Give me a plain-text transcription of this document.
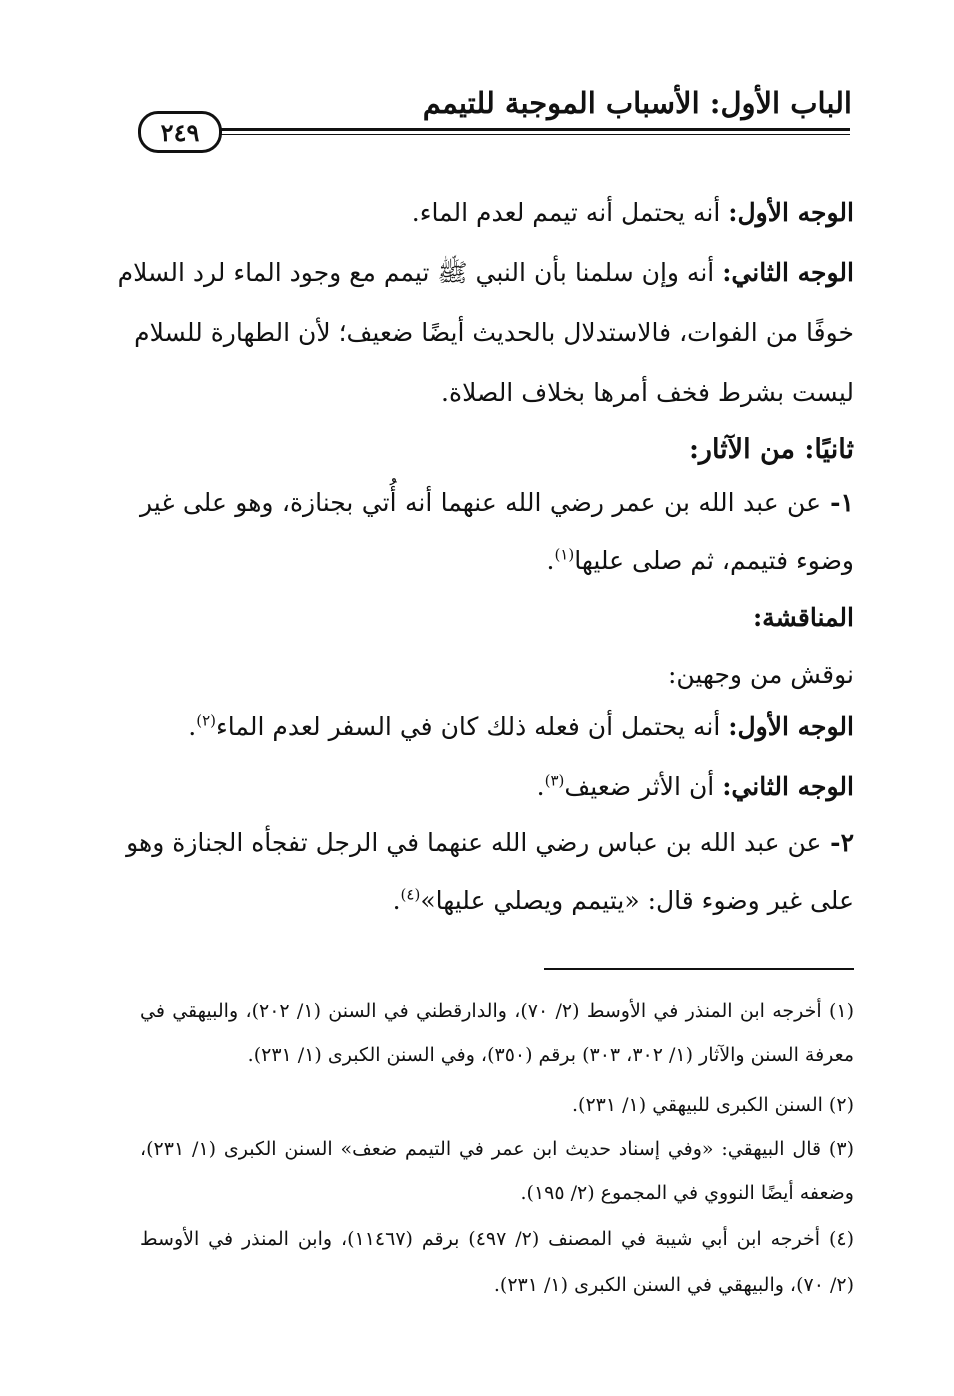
الباب الأول: الأسباب الموجبة للتيمم
٢٤٩
الوجه الأول: أنه يحتمل أنه تيمم لعدم الماء.
الوجه الثاني: أنه وإن سلمنا بأن النبي ﷺ تيمم مع وجود الماء لرد السلام
خوفًا من الفوات، فالاستدلال بالحديث أيضًا ضعيف؛ لأن الطهارة للسلام
ليست بشرط فخف أمرها بخلاف الصلاة.
ثانيًا: من الآثار:
١- عن عبد الله بن عمر رضي الله عنهما أنه أُتي بجنازة، وهو على غير
وضوء فتيمم، ثم صلى عليها$^{(١)}$.
المناقشة:
نوقش من وجهين:
الوجه الأول: أنه يحتمل أن فعله ذلك كان في السفر لعدم الماء$^{(٢)}$.
الوجه الثاني: أن الأثر ضعيف$^{(٣)}$.
٢- عن عبد الله بن عباس رضي الله عنهما في الرجل تفجأه الجنازة وهو
على غير وضوء قال: «يتيمم ويصلي عليها»$^{(٤)}$.
(١) أخرجه ابن المنذر في الأوسط (٢/ ٧٠)، والدارقطني في السنن (١/ ٢٠٢)، والبيهقي في
معرفة السنن والآثار (١/ ٣٠٢، ٣٠٣) برقم (٣٥٠)، وفي السنن الكبرى (١/ ٢٣١).
(٢) السنن الكبرى للبيهقي (١/ ٢٣١).
(٣) قال البيهقي: «وفي إسناد حديث ابن عمر في التيمم ضعف» السنن الكبرى (١/ ٢٣١)،
وضعفه أيضًا النووي في المجموع (٢/ ١٩٥).
(٤) أخرجه ابن أبي شيبة في المصنف (٢/ ٤٩٧) برقم (١١٤٦٧)، وابن المنذر في الأوسط
(٢/ ٧٠)، والبيهقي في السنن الكبرى (١/ ٢٣١).
